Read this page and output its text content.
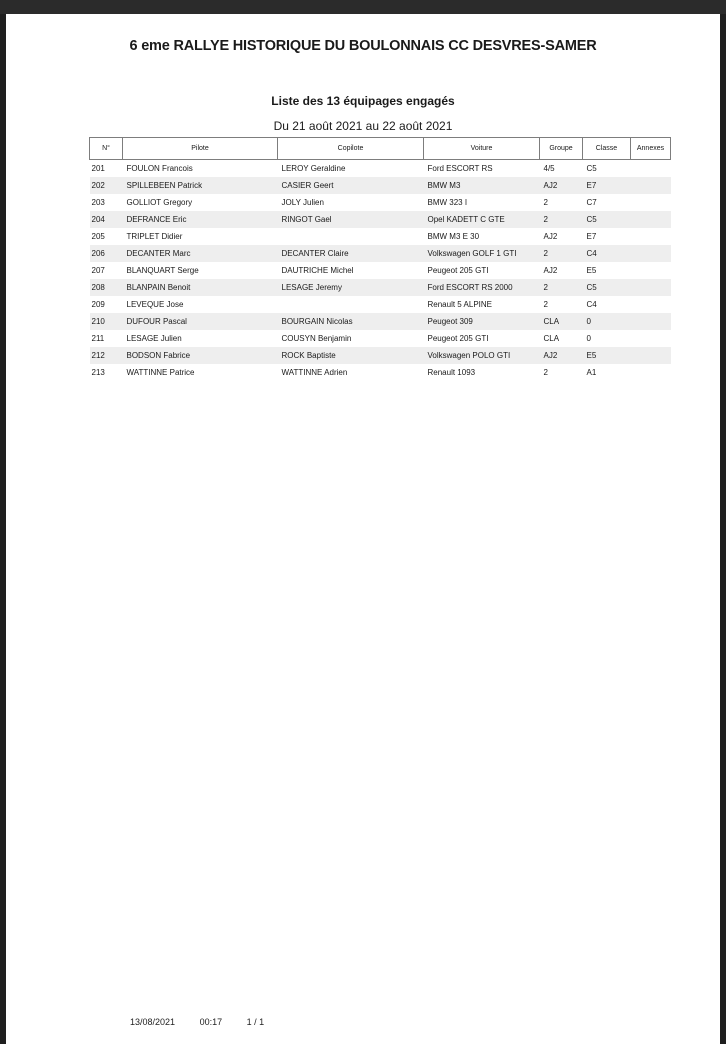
6 eme RALLYE HISTORIQUE DU BOULONNAIS CC DESVRES-SAMER
Liste des 13 équipages engagés
Du 21 août 2021 au 22 août 2021
N°	Pilote	Copilote	Voiture	Groupe	Classe	Annexes
201	FOULON Francois	LEROY Geraldine	Ford ESCORT RS	4/5	C5	
202	SPILLEBEEN Patrick	CASIER Geert	BMW M3	AJ2	E7	
203	GOLLIOT Gregory	JOLY Julien	BMW 323 I	2	C7	
204	DEFRANCE Eric	RINGOT Gael	Opel KADETT C GTE	2	C5	
205	TRIPLET Didier		BMW M3 E 30	AJ2	E7	
206	DECANTER Marc	DECANTER Claire	Volkswagen GOLF 1 GTI	2	C4	
207	BLANQUART Serge	DAUTRICHE Michel	Peugeot 205 GTI	AJ2	E5	
208	BLANPAIN Benoit	LESAGE Jeremy	Ford ESCORT RS 2000	2	C5	
209	LEVEQUE Jose		Renault 5 ALPINE	2	C4	
210	DUFOUR Pascal	BOURGAIN Nicolas	Peugeot 309	CLA	0	
211	LESAGE Julien	COUSYN Benjamin	Peugeot 205 GTI	CLA	0	
212	BODSON Fabrice	ROCK Baptiste	Volkswagen POLO GTI	AJ2	E5	
213	WATTINNE Patrice	WATTINNE Adrien	Renault 1093	2	A1	
13/08/2021	00:17	1 / 1
